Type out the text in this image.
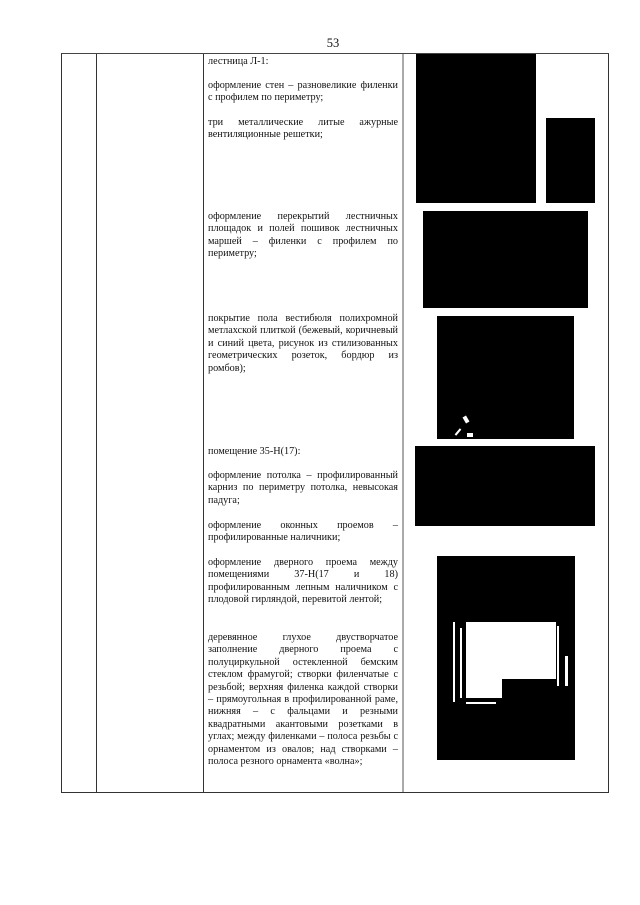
53
лестница Л-1:
оформление стен – разновеликие филенки с профилем по периметру;
три металлические литые ажурные вентиляционные решетки;
оформление перекрытий лестничных площадок и полей пошивок лестничных маршей – филенки с профилем по периметру;
покрытие пола вестибюля полихромной метлахской плиткой (бежевый, коричневый и синий цвета, рисунок из стилизованных геометрических розеток, бордюр из ромбов);
помещение 35-Н(17):
оформление потолка – профилированный карниз по периметру потолка, невысокая падуга;
оформление оконных проемов – профилированные наличники;
оформление дверного проема между помещениями 37-Н(17 и 18) профилированным лепным наличником с плодовой гирляндой, перевитой лентой;
деревянное глухое двустворчатое заполнение дверного проема с полуциркульной остекленной бемским стеклом фрамугой; створки филенчатые с резьбой; верхняя филенка каждой створки – прямоугольная в профилированной раме, нижняя – с фальцами и резными квадратными акантовыми розетками в углах; между филенками – полоса резьбы с орнаментом из овалов; над створками – полоса резного орнамента «волна»;
